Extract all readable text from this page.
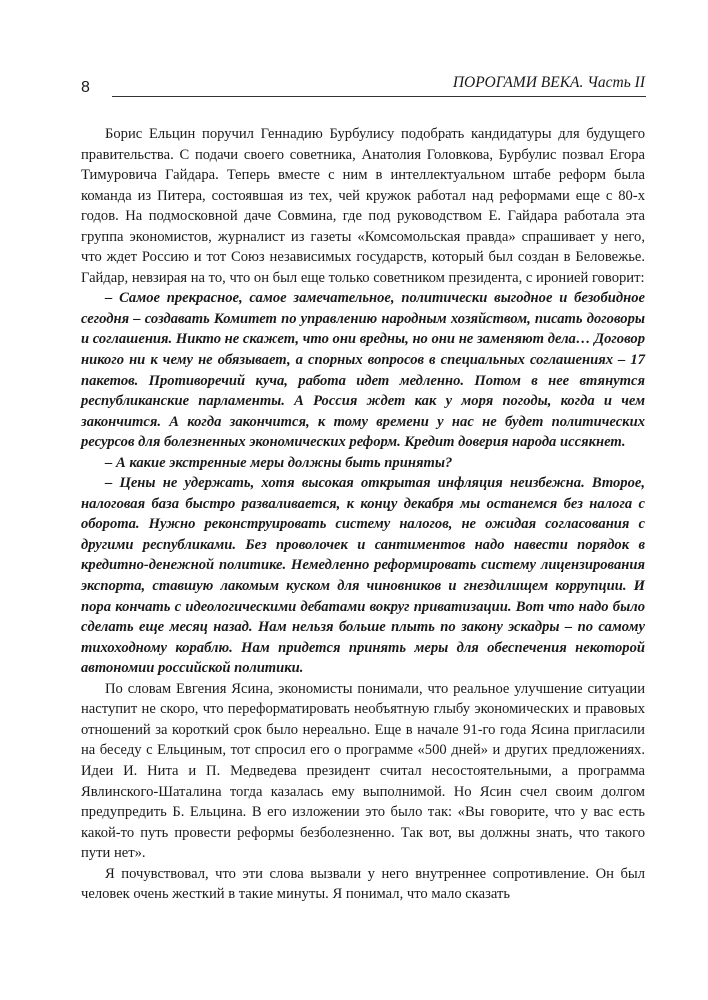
8	ПОРОГАМИ ВЕКА. Часть II

Борис Ельцин поручил Геннадию Бурбулису подобрать кандидатуры для будущего правительства. С подачи своего советника, Анатолия Головкова, Бурбулис позвал Егора Тимуровича Гайдара. Теперь вместе с ним в интеллектуальном штабе реформ была команда из Питера, состоявшая из тех, чей кружок работал над реформами еще с 80-х годов. На подмосковной даче Совмина, где под руководством Е. Гайдара работала эта группа экономистов, журналист из газеты «Комсомольская правда» спрашивает у него, что ждет Россию и тот Союз независимых государств, который был создан в Беловежье. Гайдар, невзирая на то, что он был еще только советником президента, с иронией говорит:

– Самое прекрасное, самое замечательное, политически выгодное и безобидное сегодня – создавать Комитет по управлению народным хозяйством, писать договоры и соглашения. Никто не скажет, что они вредны, но они не заменяют дела… Договор никого ни к чему не обязывает, а спорных вопросов в специальных соглашениях – 17 пакетов. Противоречий куча, работа идет медленно. Потом в нее втянутся республиканские парламенты. А Россия ждет как у моря погоды, когда и чем закончится. А когда закончится, к тому времени у нас не будет политических ресурсов для болезненных экономических реформ. Кредит доверия народа иссякнет.

– А какие экстренные меры должны быть приняты?

– Цены не удержать, хотя высокая открытая инфляция неизбежна. Второе, налоговая база быстро разваливается, к концу декабря мы останемся без налога с оборота. Нужно реконструировать систему налогов, не ожидая согласования с другими республиками. Без проволочек и сантиментов надо навести порядок в кредитно-денежной политике. Немедленно реформировать систему лицензирования экспорта, ставшую лакомым куском для чиновников и гнездилищем коррупции. И пора кончать с идеологическими дебатами вокруг приватизации. Вот что надо было сделать еще месяц назад. Нам нельзя больше плыть по закону эскадры – по самому тихоходному кораблю. Нам придется принять меры для обеспечения некоторой автономии российской политики.

По словам Евгения Ясина, экономисты понимали, что реальное улучшение ситуации наступит не скоро, что переформатировать необъятную глыбу экономических и правовых отношений за короткий срок было нереально. Еще в начале 91-го года Ясина пригласили на беседу с Ельциным, тот спросил его о программе «500 дней» и других предложениях. Идеи И. Нита и П. Медведева президент считал несостоятельными, а программа Явлинского-Шаталина тогда казалась ему выполнимой. Но Ясин счел своим долгом предупредить Б. Ельцина. В его изложении это было так: «Вы говорите, что у вас есть какой-то путь провести реформы безболезненно. Так вот, вы должны знать, что такого пути нет».

Я почувствовал, что эти слова вызвали у него внутреннее сопротивление. Он был человек очень жесткий в такие минуты. Я понимал, что мало сказать
